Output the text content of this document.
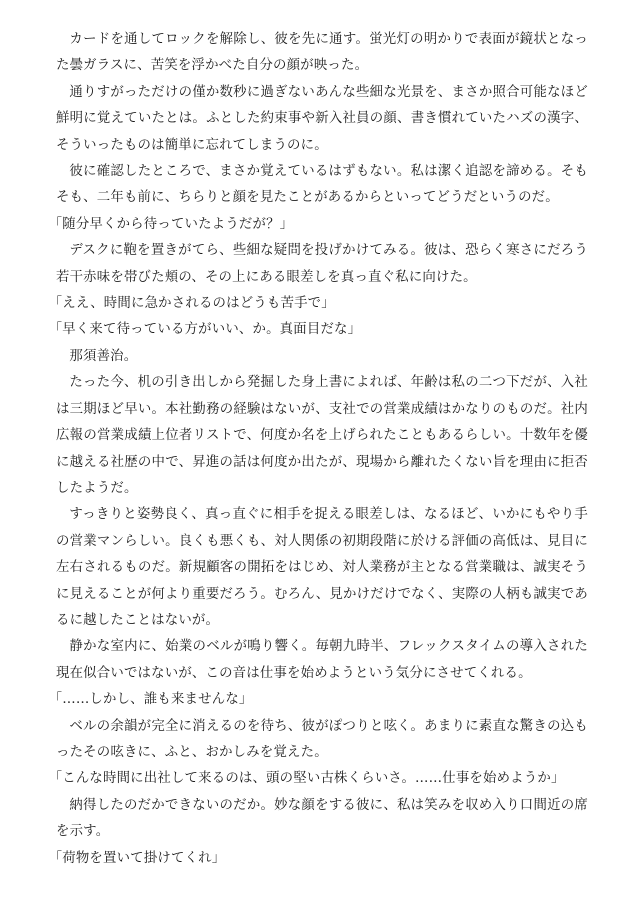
カードを通してロックを解除し、彼を先に通す。蛍光灯の明かりで表面が鏡状となった曇ガラスに、苦笑を浮かべた自分の顔が映った。

通りすがっただけの僅か数秒に過ぎないあんな些細な光景を、まさか照合可能なほど鮮明に覚えていたとは。ふとした約束事や新入社員の顔、書き慣れていたハズの漢字、そういったものは簡単に忘れてしまうのに。

彼に確認したところで、まさか覚えているはずもない。私は潔く追認を諦める。そもそも、二年も前に、ちらりと顔を見たことがあるからといってどうだというのだ。

「随分早くから待っていたようだが？」

デスクに鞄を置きがてら、些細な疑問を投げかけてみる。彼は、恐らく寒さにだろう若干赤味を帯びた頬の、その上にある眼差しを真っ直ぐ私に向けた。

「ええ、時間に急かされるのはどうも苦手で」

「早く来て待っている方がいい、か。真面目だな」

那須善治。

たった今、机の引き出しから発掘した身上書によれば、年齢は私の二つ下だが、入社は三期ほど早い。本社勤務の経験はないが、支社での営業成績はかなりのものだ。社内広報の営業成績上位者リストで、何度か名を上げられたこともあるらしい。十数年を優に越える社歴の中で、昇進の話は何度か出たが、現場から離れたくない旨を理由に拒否したようだ。

すっきりと姿勢良く、真っ直ぐに相手を捉える眼差しは、なるほど、いかにもやり手の営業マンらしい。良くも悪くも、対人関係の初期段階に於ける評価の高低は、見目に左右されるものだ。新規顧客の開拓をはじめ、対人業務が主となる営業職は、誠実そうに見えることが何より重要だろう。むろん、見かけだけでなく、実際の人柄も誠実であるに越したことはないが。

静かな室内に、始業のベルが鳴り響く。毎朝九時半、フレックスタイムの導入された現在似合いではないが、この音は仕事を始めようという気分にさせてくれる。

「……しかし、誰も来ませんな」

ベルの余韻が完全に消えるのを待ち、彼がぽつりと呟く。あまりに素直な驚きの込もったその呟きに、ふと、おかしみを覚えた。

「こんな時間に出社して来るのは、頭の堅い古株くらいさ。……仕事を始めようか」

納得したのだかできないのだか。妙な顔をする彼に、私は笑みを収め入り口間近の席を示す。

「荷物を置いて掛けてくれ」
